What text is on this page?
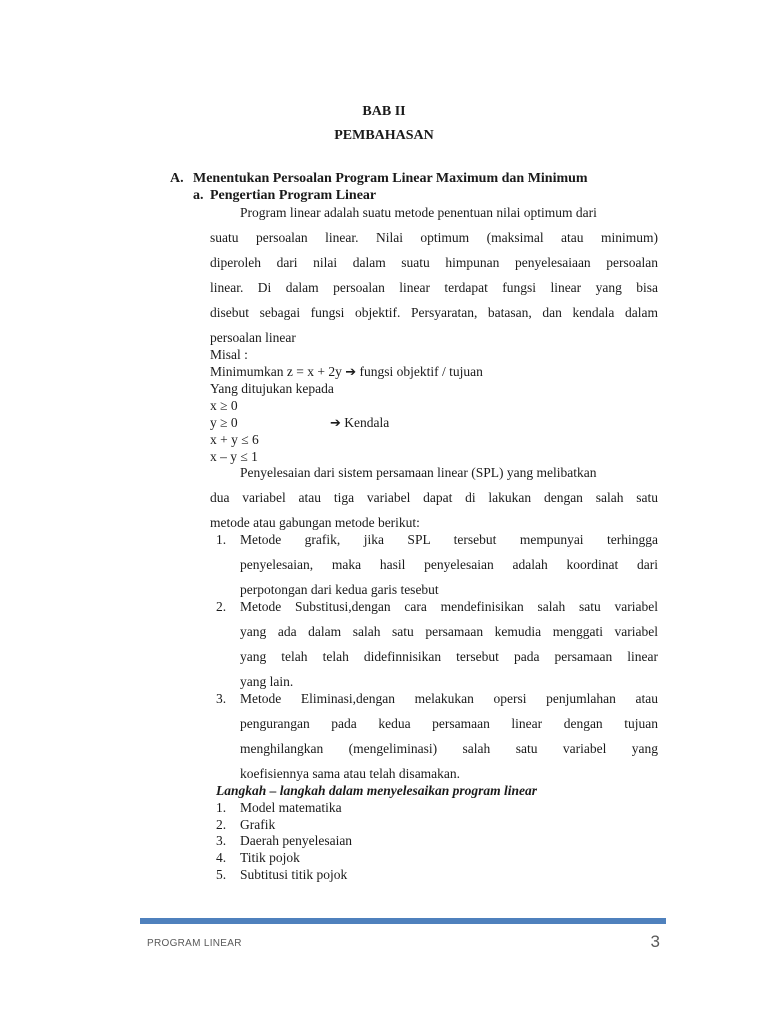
BAB II
PEMBAHASAN
A. Menentukan Persoalan Program Linear Maximum dan Minimum
a. Pengertian Program Linear
Program linear adalah suatu metode penentuan nilai optimum dari
suatu persoalan linear. Nilai optimum (maksimal atau minimum)
diperoleh dari nilai dalam suatu himpunan penyelesaiaan persoalan
linear. Di dalam persoalan linear terdapat fungsi linear yang bisa
disebut sebagai fungsi objektif. Persyaratan, batasan, dan kendala dalam
persoalan linear
Misal :
Minimumkan z = x + 2y ➔ fungsi objektif / tujuan
Yang ditujukan kepada
x ≥ 0
y ≥ 0	➔ Kendala
x + y ≤ 6
x – y ≤ 1
Penyelesaian dari sistem persamaan linear (SPL) yang melibatkan
dua variabel atau tiga variabel dapat di lakukan dengan salah satu
metode atau gabungan metode berikut:
1. Metode grafik, jika SPL tersebut mempunyai terhingga
penyelesaian, maka hasil penyelesaian adalah koordinat dari
perpotongan dari kedua garis tesebut
2. Metode Substitusi,dengan cara mendefinisikan salah satu variabel
yang ada dalam salah satu persamaan kemudia menggati variabel
yang telah telah didefinnisikan tersebut pada persamaan linear
yang lain.
3. Metode Eliminasi,dengan melakukan opersi penjumlahan atau
pengurangan pada kedua persamaan linear dengan tujuan
menghilangkan (mengeliminasi) salah satu variabel yang
koefisiennya sama atau telah disamakan.
Langkah – langkah dalam menyelesaikan program linear
1. Model matematika
2. Grafik
3. Daerah penyelesaian
4. Titik pojok
5. Subtitusi titik pojok
PROGRAM LINEAR	3
